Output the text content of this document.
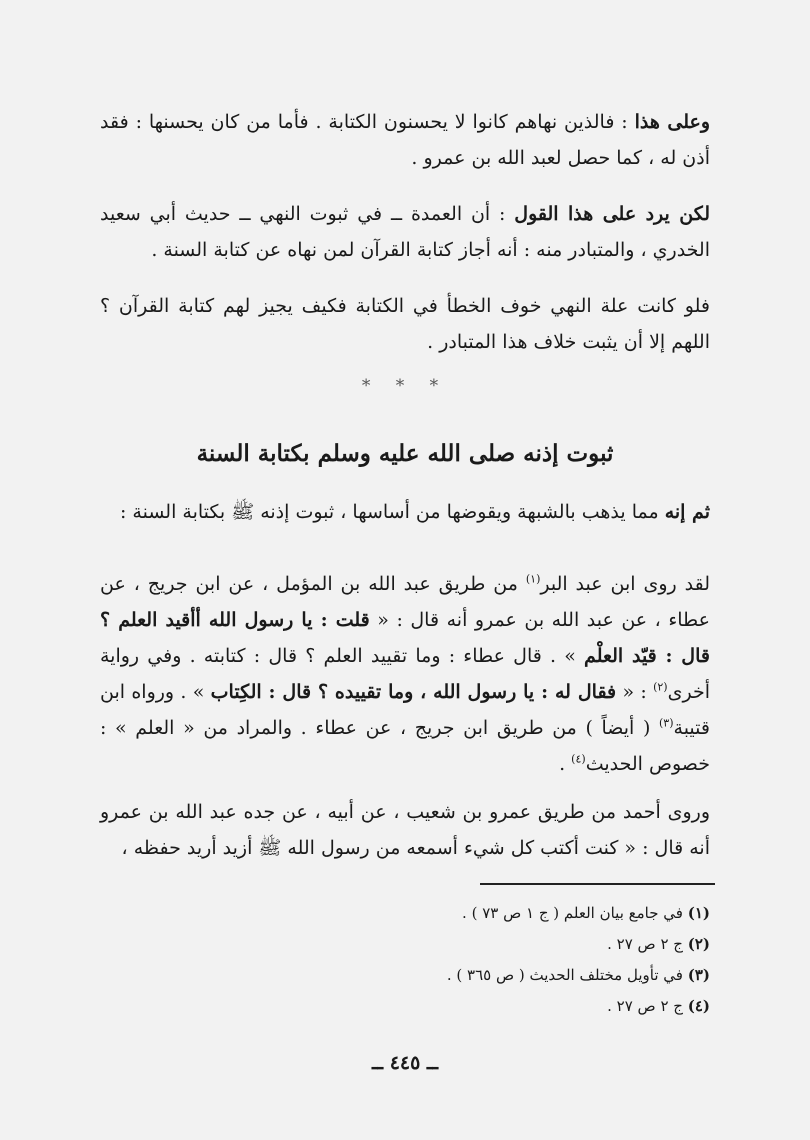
وعلى هذا : فالذين نهاهم كانوا لا يحسنون الكتابة . فأما من كان يحسنها : فقد أذن له ، كما حصل لعبد الله بن عمرو .
لكن يرد على هذا القول : أن العمدة ــ في ثبوت النهي ــ حديث أبي سعيد الخدري ، والمتبادر منه : أنه أجاز كتابة القرآن لمن نهاه عن كتابة السنة .
فلو كانت علة النهي خوف الخطأ في الكتابة فكيف يجيز لهم كتابة القرآن ؟ اللهم إلا أن يثبت خلاف هذا المتبادر .
* * *
ثبوت إذنه صلى الله عليه وسلم بكتابة السنة
ثم إنه مما يذهب بالشبهة ويقوضها من أساسها ، ثبوت إذنه ﷺ بكتابة السنة :
لقد روى ابن عبد البر$^{(١)}$ من طريق عبد الله بن المؤمل ، عن ابن جريج ، عن عطاء ، عن عبد الله بن عمرو أنه قال : « قلت : يا رسول الله أأقيد العلم ؟ قال : قيّد العلْم » . قال عطاء : وما تقييد العلم ؟ قال : كتابته . وفي رواية أخرى$^{(٢)}$ : « فقال له : يا رسول الله ، وما تقييده ؟ قال : الكِتاب » . ورواه ابن قتيبة$^{(٣)}$ ( أيضاً ) من طريق ابن جريج ، عن عطاء . والمراد من « العلم » : خصوص الحديث$^{(٤)}$ .
وروى أحمد من طريق عمرو بن شعيب ، عن أبيه ، عن جده عبد الله بن عمرو أنه قال : « كنت أكتب كل شيء أسمعه من رسول الله ﷺ أزيد أريد حفظه ،
(١) في جامع بيان العلم ( ج ١ ص ٧٣ ) .
(٢) ج ٢ ص ٢٧ .
(٣) في تأويل مختلف الحديث ( ص ٣٦٥ ) .
(٤) ج ٢ ص ٢٧ .
ــ ٤٤٥ ــ
